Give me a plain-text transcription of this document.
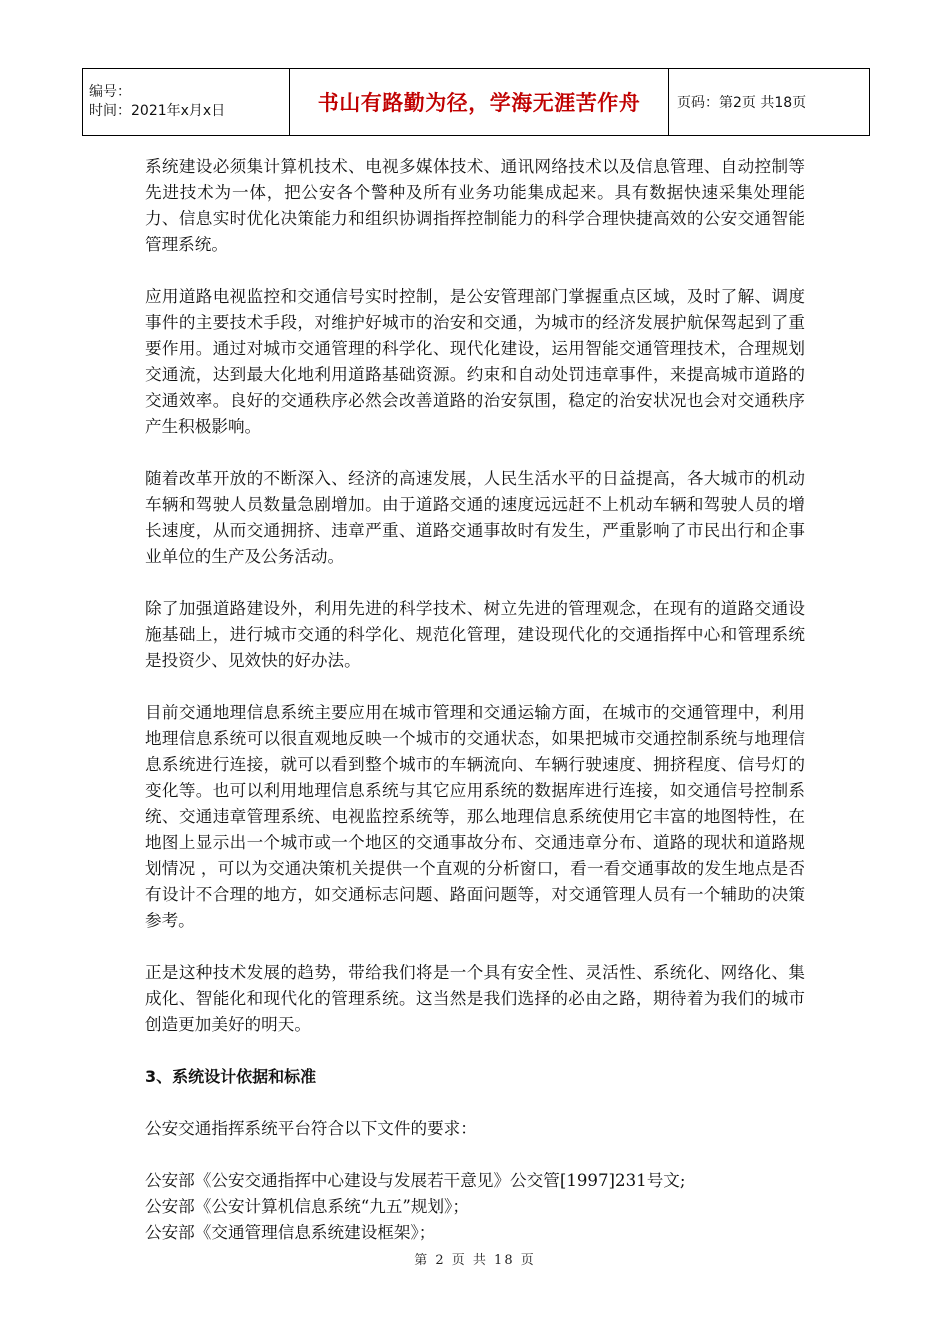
编号：
时间：2021年x月x日	书山有路勤为径，学海无涯苦作舟	页码：第2页 共18页

系统建设必须集计算机技术、电视多媒体技术、通讯网络技术以及信息管理、自动控制等先进技术为一体，把公安各个警种及所有业务功能集成起来。具有数据快速采集处理能力、信息实时优化决策能力和组织协调指挥控制能力的科学合理快捷高效的公安交通智能管理系统。

应用道路电视监控和交通信号实时控制，是公安管理部门掌握重点区域，及时了解、调度事件的主要技术手段，对维护好城市的治安和交通，为城市的经济发展护航保驾起到了重要作用。通过对城市交通管理的科学化、现代化建设，运用智能交通管理技术，合理规划交通流，达到最大化地利用道路基础资源。约束和自动处罚违章事件，来提高城市道路的交通效率。良好的交通秩序必然会改善道路的治安氛围，稳定的治安状况也会对交通秩序产生积极影响。

随着改革开放的不断深入、经济的高速发展，人民生活水平的日益提高，各大城市的机动车辆和驾驶人员数量急剧增加。由于道路交通的速度远远赶不上机动车辆和驾驶人员的增长速度，从而交通拥挤、违章严重、道路交通事故时有发生，严重影响了市民出行和企事业单位的生产及公务活动。

除了加强道路建设外，利用先进的科学技术、树立先进的管理观念，在现有的道路交通设施基础上，进行城市交通的科学化、规范化管理，建设现代化的交通指挥中心和管理系统是投资少、见效快的好办法。

目前交通地理信息系统主要应用在城市管理和交通运输方面，在城市的交通管理中，利用地理信息系统可以很直观地反映一个城市的交通状态，如果把城市交通控制系统与地理信息系统进行连接，就可以看到整个城市的车辆流向、车辆行驶速度、拥挤程度、信号灯的变化等。也可以利用地理信息系统与其它应用系统的数据库进行连接，如交通信号控制系统、交通违章管理系统、电视监控系统等，那么地理信息系统使用它丰富的地图特性，在地图上显示出一个城市或一个地区的交通事故分布、交通违章分布、道路的现状和道路规划情况 ，可以为交通决策机关提供一个直观的分析窗口，看一看交通事故的发生地点是否有设计不合理的地方，如交通标志问题、路面问题等，对交通管理人员有一个辅助的决策参考。

正是这种技术发展的趋势，带给我们将是一个具有安全性、灵活性、系统化、网络化、集成化、智能化和现代化的管理系统。这当然是我们选择的必由之路，期待着为我们的城市创造更加美好的明天。

3、系统设计依据和标准

公安交通指挥系统平台符合以下文件的要求：

公安部《公安交通指挥中心建设与发展若干意见》公交管[1997]231号文;
公安部《公安计算机信息系统“九五”规划》；
公安部《交通管理信息系统建设框架》；
第 2 页 共 18 页
